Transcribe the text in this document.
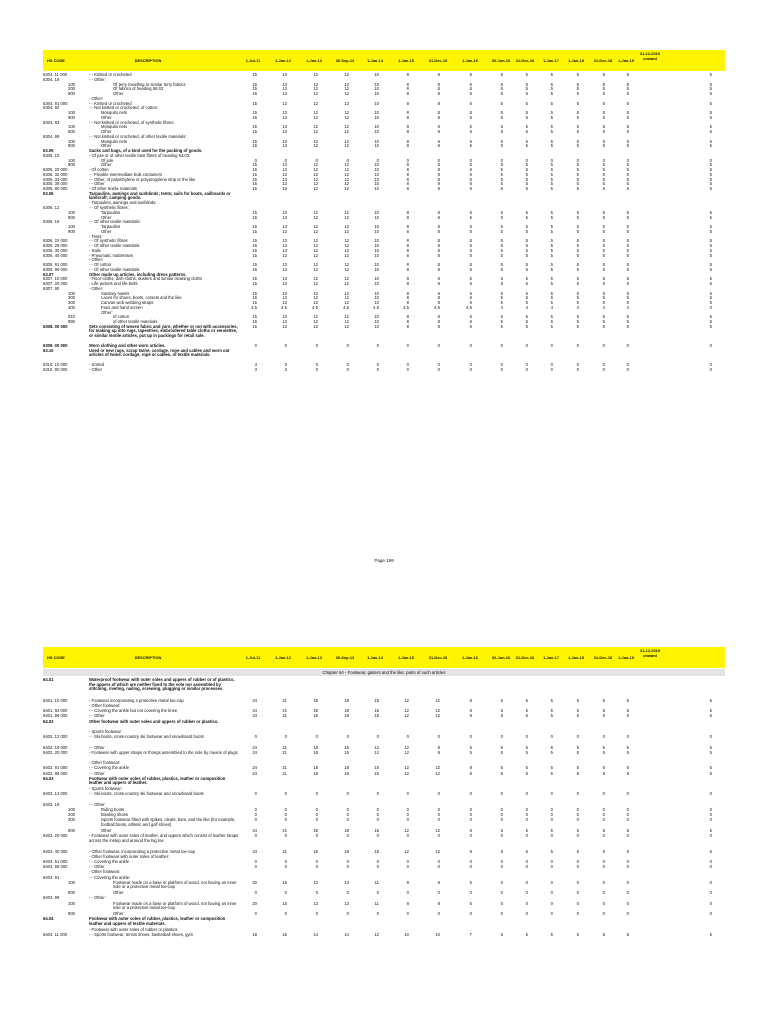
HS CODE	DESCRIPTION	1-Jul-11	1-Jan-12	1-Jan-13	30-Sep-13	1-Jan-14	1-Jan-15	31-Dec-15	1-Jan-16	30-Jun-16	31-Dec-16	1-Jan-17	1-Jan-18	31-Dec-18	1-Jan-19
31-12-2019 onward
6304. 11 000	- - Knitted or crocheted	15	13	12	12	10	8	8	6	5	5	5	5	5	5	5
6304. 19	- - Other:
100	Of terry towelling or similar terry fabrics	15	13	12	12	10	8	8	6	5	5	5	5	5	5	5
200	Of fabrics of heading 58.03	15	13	12	12	10	8	8	6	5	5	5	5	5	5	5
900	Other	15	13	12	12	10	8	8	6	5	5	5	5	5	5	5
- Other:
6304. 91 000	- - Knitted or crocheted	15	13	12	12	10	8	8	6	5	5	5	5	5	5	5
6304. 92	- - Not knitted or crocheted, of cotton:
100	Mosquito nets	15	13	12	12	10	8	8	6	5	5	5	5	5	5	5
900	Other	15	13	12	12	10	8	8	6	5	5	5	5	5	5	5
6304. 93	- - Not knitted or crocheted, of synthetic fibres:
100	Mosquito nets	15	13	12	12	10	8	8	6	5	5	5	5	5	5	5
900	Other	15	13	12	12	10	8	8	6	5	5	5	5	5	5	5
6304. 99	- - Not knitted or crocheted, of other textile materials:
100	Mosquito nets	15	13	12	12	10	8	8	6	5	5	5	5	5	5	5
900	Other	15	13	12	12	10	8	8	6	5	5	5	5	5	5	5
63.05	Sacks and bags, of a kind used for the packing of goods.
6305. 10	- Of jute or of other textile bast fibres of heading 53.03:
100	Of jute	0	0	0	0	0	0	0	0	0	0	0	0	0	0	0
900	Other	15	13	12	12	10	8	8	6	5	5	5	5	5	5	5
6305. 20 000	- Of cotton	15	13	12	12	10	8	8	6	5	5	5	5	5	5	5
6305. 32 000	- - Flexible intermediate bulk containers	15	13	12	12	10	8	8	6	5	5	5	5	5	5	5
6305. 33 000	- - Other, of polyethylene or polypropylene strip or the like	15	13	12	12	10	8	8	6	5	5	5	5	5	5	5
6305. 39 000	- - Other	15	13	12	12	10	8	8	6	5	5	5	5	5	5	5
6305. 90 000	- Of other textile materials	15	13	12	12	10	8	8	6	5	5	5	5	5	5	5
63.06	Tarpaulins, awnings and sunblinds; tents; sails for boats, sailboards or landcraft; camping goods.
- Tarpaulins, awnings and sunblinds:
6306. 12	- - Of synthetic fibres:
100	Tarpaulins	15	13	12	12	10	8	8	6	5	5	5	5	5	5	5
900	Other	15	13	12	12	10	8	8	6	5	5	5	5	5	5	5
6306. 19	- - Of other textile materials:
100	Tarpaulins	15	13	12	12	10	8	8	6	5	5	5	5	5	5	5
900	Other	15	13	12	12	10	8	8	6	5	5	5	5	5	5	5
- Tents:
6306. 22 000	- - Of synthetic fibres	15	13	12	12	10	8	8	6	5	5	5	5	5	5	5
6306. 29 000	- - Of other textile materials	15	13	12	12	10	8	8	6	5	5	5	5	5	5	5
6306. 30 000	- Sails	15	13	12	12	10	8	8	6	5	5	5	5	5	5	5
6306. 40 000	- Pneumatic mattresses	15	13	12	12	10	8	8	6	5	5	5	5	5	5	5
- Other:
6306. 91 000	- - Of cotton	15	13	12	12	10	8	8	6	5	5	5	5	5	5	5
6306. 99 000	- - Of other textile materials	15	13	12	12	10	8	8	6	5	5	5	5	5	5	5
63.07	Other made up articles, including dress patterns.
6307. 10 000	- Floor-cloths, dish-cloths, dusters and similar cleaning cloths	15	13	12	12	10	8	8	6	5	5	5	5	5	5	5
6307. 20 000	- Life-jackets and life-belts	15	13	12	12	10	8	8	6	5	5	5	5	5	5	5
6307. 90	- Other:
100	Sanitary towels	15	13	12	12	10	8	8	6	5	5	5	5	5	5	5
200	Laces for shoes, boots, corsets and the like	15	13	12	12	10	8	8	6	5	5	5	5	5	5	5
300	Canvas web webbing straps	15	13	12	12	10	8	8	6	5	5	5	5	5	5	5
400	Fans and hand screen	4.5	4.5	4.5	4.5	4.5	4.5	4.5	4.5	4	4	4	4	4	4	0
Other:
910	of cotton	15	13	12	12	10	8	8	6	5	5	5	5	5	5	5
990	of other textile materials	15	13	12	12	10	8	8	6	5	5	5	5	5	5	5
6308. 00 000	Sets consisting of woven fabric and yarn, whether or not with accessories, for making up into rugs, tapestries, embroidered table cloths or serviettes, or similar textile articles, put up in packings for retail sale.
15	13	12	12	10	8	8	6	5	5	5	5	5	5	5
6309. 00 000	Worn clothing and other worn articles.	0	0	0	0	0	0	0	0	0	0	0	0	0	0	0
63.10	Used or new rags, scrap twine, cordage, rope and cables and worn out articles of twine, cordage, rope or cables, of textile materials.
6310. 10 000	- Sorted	3	2	0	0	0	0	0	0	0	0	0	0	0	0	0
6310. 90 000	- Other	3	2	0	0	0	0	0	0	0	0	0	0	0	0	0
Page 169
HS CODE	DESCRIPTION	1-Jul-11	1-Jan-12	1-Jan-13	30-Sep-13	1-Jan-14	1-Jan-15	31-Dec-15	1-Jan-16	30-Jun-16	31-Dec-16	1-Jan-17	1-Jan-18	31-Dec-18	1-Jan-19
31-12-2019 onward
Chapter 64 - Footwear, gaiters and the like; parts of such articles
64.01	Waterproof footwear with outer soles and uppers of rubber or of plastics, the uppers of which are neither fixed to the sole nor assembled by stitching, riveting, nailing, screwing, plugging or similar processes.
6401. 10 000	- Footwear incorporating a protective metal toe-cap	24	21	18	18	15	12	12	8	5	5	5	5	5	5	5
- Other footwear:
6401. 92 000	- - Covering the ankle but not covering the knee	24	21	18	18	15	12	12	8	5	5	5	5	5	5	5
6401. 99 000	- - Other	24	21	18	18	15	12	12	8	5	5	5	5	5	5	5
64.02	Other footwear with outer soles and uppers of rubber or plastics.
- Sports footwear:
6402. 12 000	- - Ski-boots, cross-country ski footwear and snowboard boots	0	0	0	0	0	0	0	0	0	0	0	0	0	0	0
6402. 19 000	- - Other	24	21	18	15	12	12	8	5	5	5	5	5	5	5	5
6402. 20 000	- Footwear with upper straps or thongs assembled to the sole by means of plugs	24	21	18	15	12	12	8	5	5	5	5	5	5	5	5
- Other footwear:
6402. 91 000	- - Covering the ankle	24	21	18	18	15	12	12	8	5	5	5	5	5	5	5
6402. 99 000	- - Other	24	21	18	18	15	12	12	8	5	5	5	5	5	5	5
64.03	Footwear with outer soles of rubber, plastics, leather or composition leather and uppers of leather.
- Sports footwear:
6403. 12 000	- - Ski-boots, cross-country ski footwear and snowboard boots	0	0	0	0	0	0	0	0	0	0	0	0	0	0	0
6403. 19	- - Other:
100	Riding boots	0	0	0	0	0	0	0	0	0	0	0	0	0	0	0
200	Bowling shoes	0	0	0	0	0	0	0	0	0	0	0	0	0	0	0
300	Sports footwear fitted with spikes, cleats, bars, and the like (for example, football boots, athletic and golf shoes)
0	0	0	0	0	0	0	0	0	0	0	0	0	0	0
900	Other	24	21	18	18	15	12	12	8	5	5	5	5	5	5	5
6403. 20 000	- Footwear with outer soles of leather, and uppers which consist of leather straps across the instep and around the big toe
0	0	0	0	0	0	0	0	0	0	0	0	0	0	0
6403. 40 000	- Other footwear, incorporating a protective metal toe-cap	24	21	18	18	15	12	12	8	5	5	5	5	5	5	5
- Other footwear with outer soles of leather:
6403. 51 000	- - Covering the ankle	0	0	0	0	0	0	0	0	0	0	0	0	0	0	0
6403. 59 000	- - Other	0	0	0	0	0	0	0	0	0	0	0	0	0	0	0
- Other footwear:
6403. 91	- - Covering the ankle:
100	Footwear made on a base or platform of wood, not having an inner sole or a protective metal toe-cap
20	15	13	13	11	8	8	5	0	0	0	0	0	0	0
900	Other	0	0	0	0	0	0	0	0	0	0	0	0	0	0	0
6403. 99	- - Other:
100	Footwear made on a base or platform of wood, not having an inner sole or a protective metal toe-cap
20	15	13	13	11	8	8	5	0	0	0	0	0	0	0
900	Other	0	0	0	0	0	0	0	0	0	0	0	0	0	0	0
64.04	Footwear with outer soles of rubber, plastics, leather or composition leather and uppers of textile materials.
- Footwear with outer soles of rubber or plastics:
6404. 11 000	- - Sports footwear; tennis shoes, basketball shoes, gym	18	16	14	14	12	10	10	7	5	5	5	5	5	5	5
